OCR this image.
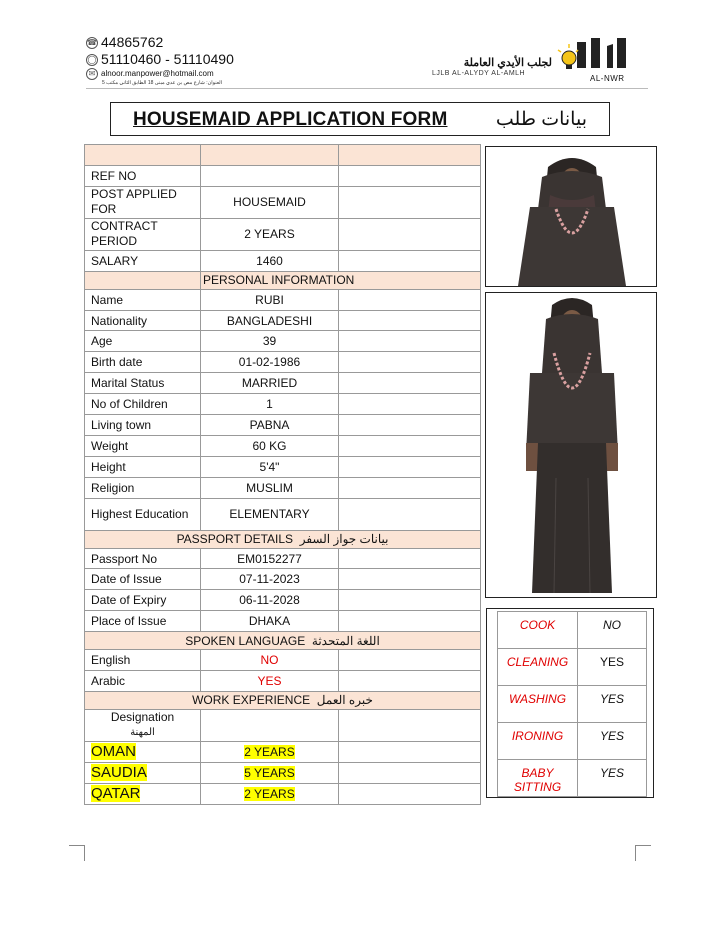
☎ 44865762
◯ 51110460 - 51110490
✉ alnoor.manpower@hotmail.com
العنوان: شارع مص بن عدي مبنى 18 الطابق الثاني مكتب 5
لجلب الأيدي العاملة
LJLB AL-ALYDY AL-AMLH
AL-NWR
HOUSEMAID APPLICATION FORM	بيانات طلب

REF NO		
POST APPLIED FOR	HOUSEMAID	
CONTRACT PERIOD	2 YEARS	
SALARY	1460	
	PERSONAL INFORMATION	
Name	RUBI	
Nationality	BANGLADESHI	
Age	39	
Birth date	01-02-1986	
Marital Status	MARRIED	
No of Children	1	
Living town	PABNA	
Weight	60 KG	
Height	5'4"	
Religion	MUSLIM	
Highest Education	ELEMENTARY	
PASSPORT DETAILS بيانات جواز السفر		
Passport No	EM0152277	
Date of Issue	07-11-2023	
Date of Expiry	06-11-2028	
Place of Issue	DHAKA	
SPOKEN LANGUAGE اللغة المتحدثة		
English	NO	
Arabic	YES	
WORK EXPERIENCE خبره العمل		

Designation
المهنة		

OMAN	2 YEARS	
SAUDIA	5 YEARS	
QATAR	2 YEARS	
COOK	NO
CLEANING	YES
WASHING	YES
IRONING	YES
BABY SITTING	YES
